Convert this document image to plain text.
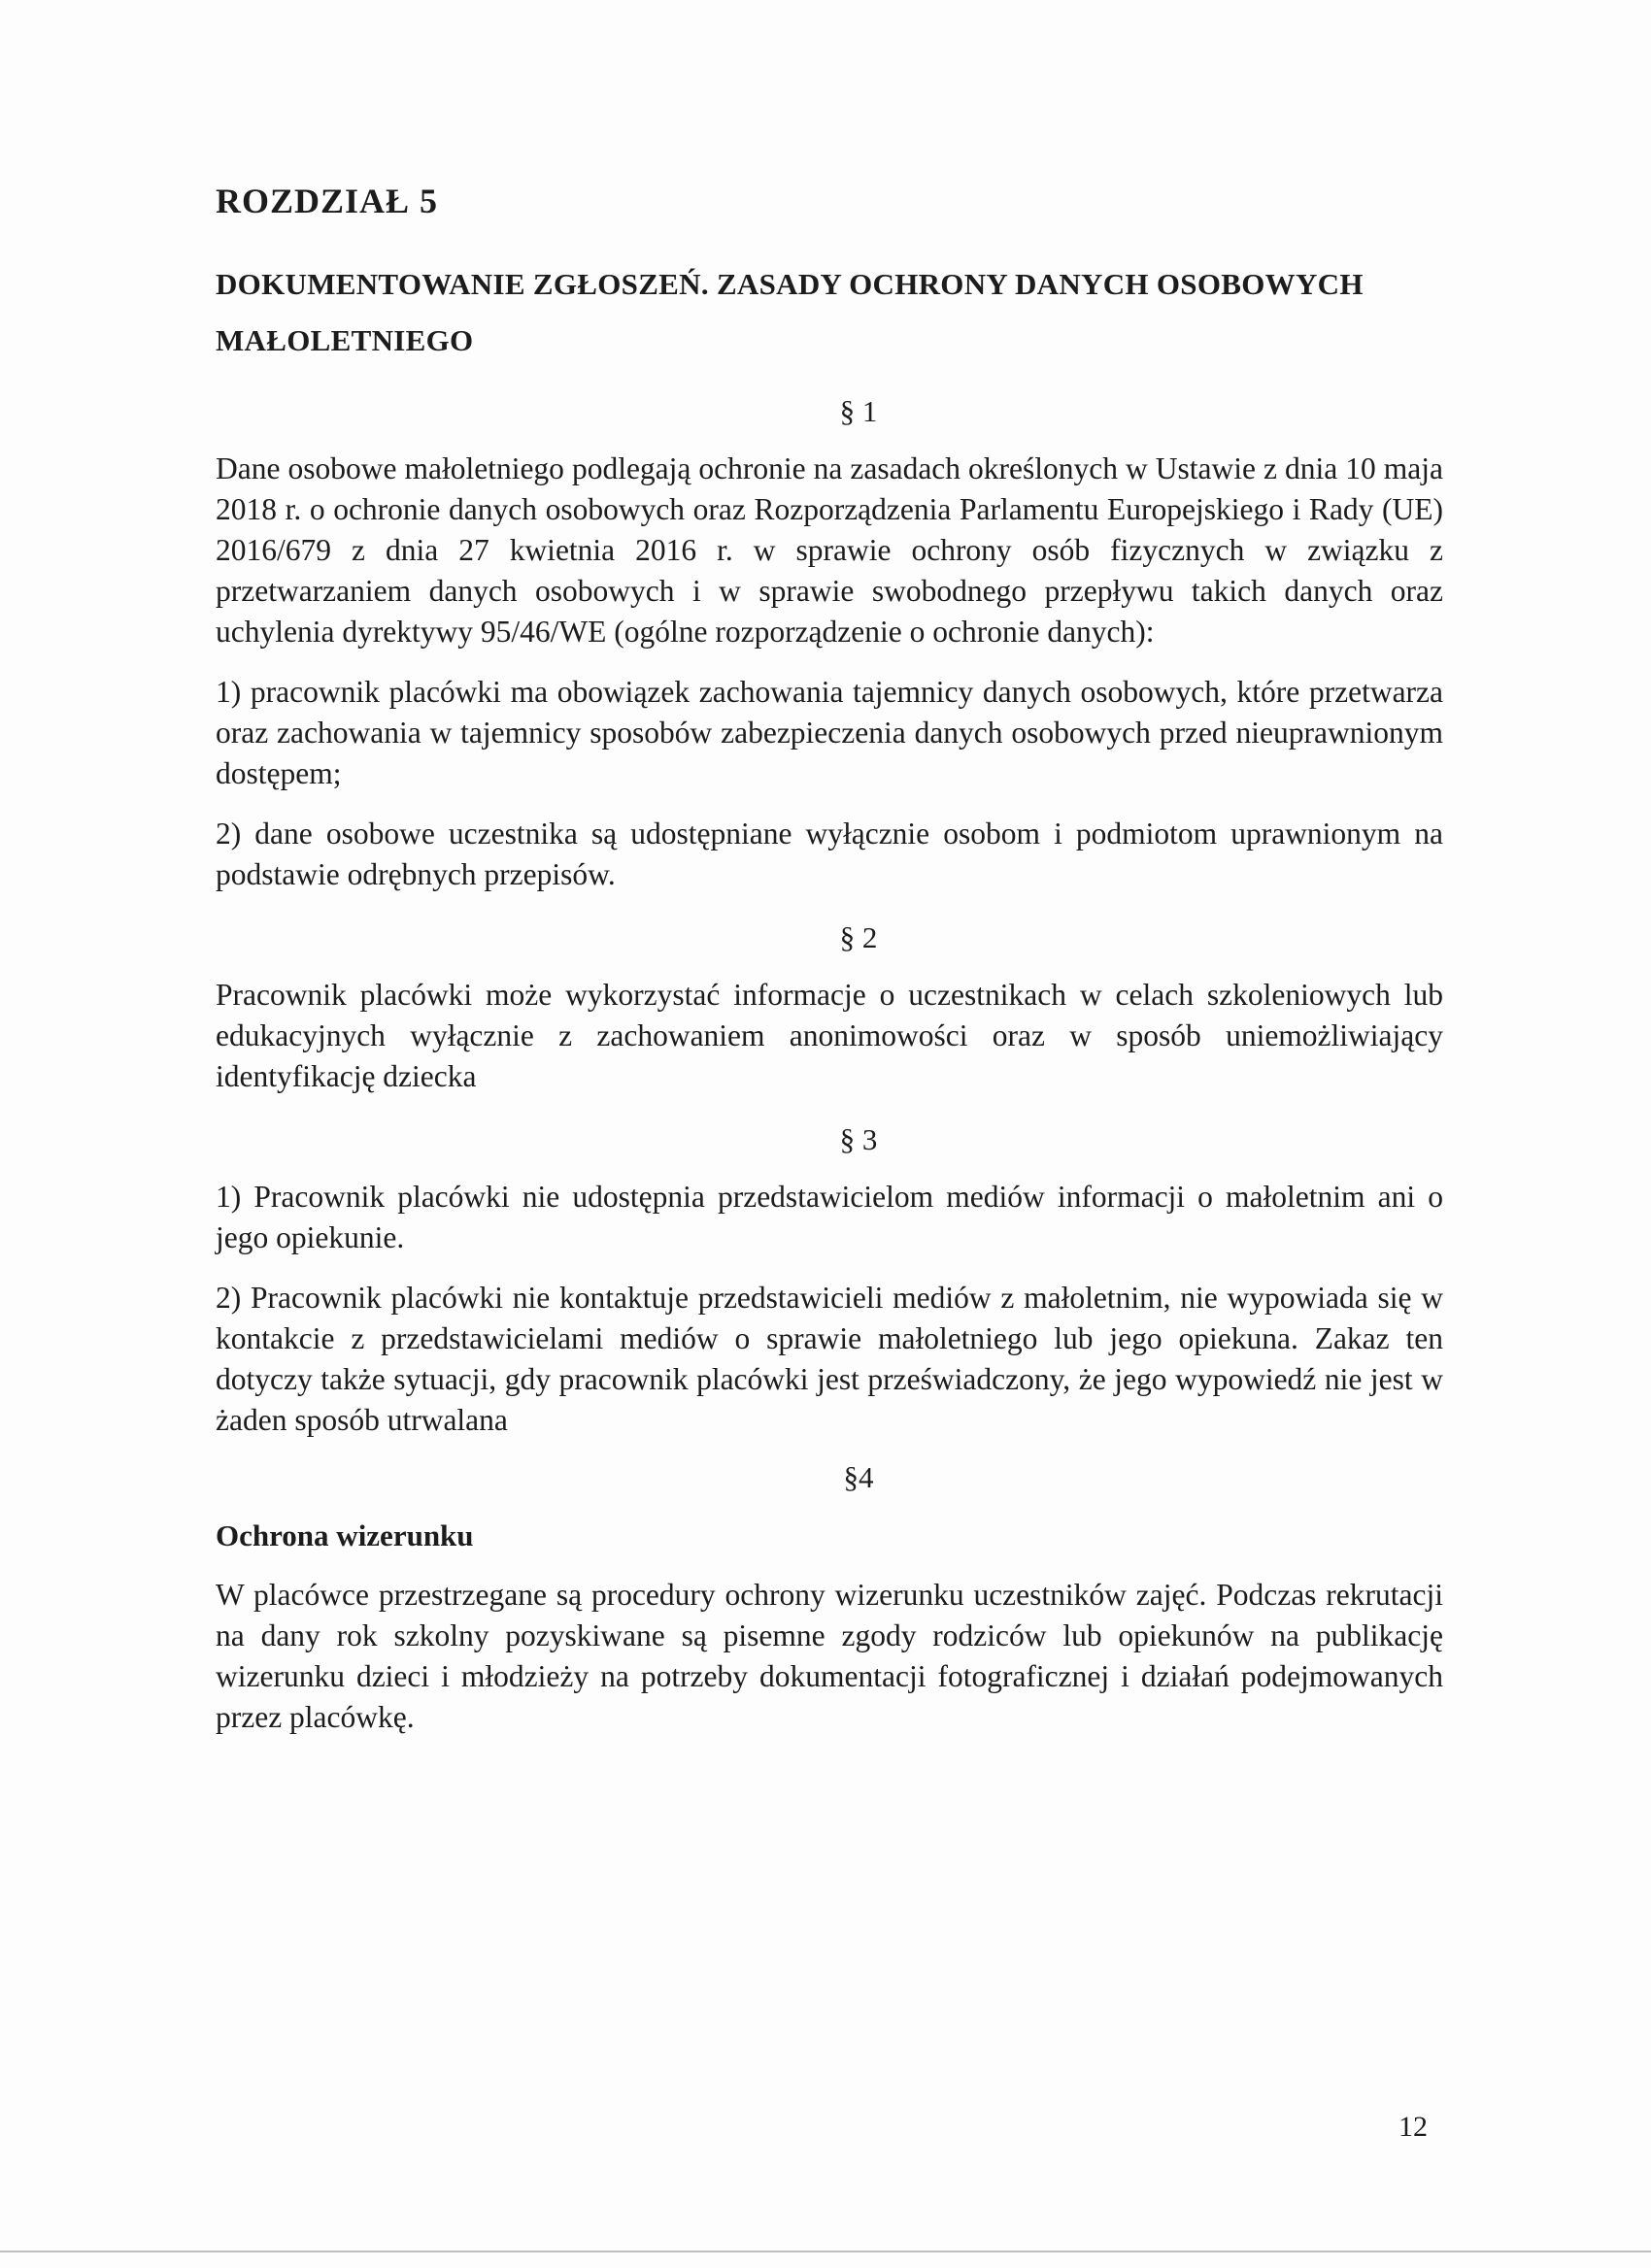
ROZDZIAŁ 5
DOKUMENTOWANIE ZGŁOSZEŃ. ZASADY OCHRONY DANYCH OSOBOWYCH
MAŁOLETNIEGO
§ 1

Dane osobowe małoletniego podlegają ochronie na zasadach określonych w Ustawie z dnia 10 maja 2018 r. o ochronie danych osobowych oraz Rozporządzenia Parlamentu Europejskiego i Rady (UE) 2016/679 z dnia 27 kwietnia 2016 r. w sprawie ochrony osób fizycznych w związku z przetwarzaniem danych osobowych i w sprawie swobodnego przepływu takich danych oraz uchylenia dyrektywy 95/46/WE (ogólne rozporządzenie o ochronie danych):

1) pracownik placówki ma obowiązek zachowania tajemnicy danych osobowych, które przetwarza oraz zachowania w tajemnicy sposobów zabezpieczenia danych osobowych przed nieuprawnionym dostępem;

2) dane osobowe uczestnika są udostępniane wyłącznie osobom i podmiotom uprawnionym na podstawie odrębnych przepisów.

§ 2

Pracownik placówki może wykorzystać informacje o uczestnikach w celach szkoleniowych lub edukacyjnych wyłącznie z zachowaniem anonimowości oraz w sposób uniemożliwiający identyfikację dziecka

§ 3

1) Pracownik placówki nie udostępnia przedstawicielom mediów informacji o małoletnim ani o jego opiekunie.

2) Pracownik placówki nie kontaktuje przedstawicieli mediów z małoletnim, nie wypowiada się w kontakcie z przedstawicielami mediów o sprawie małoletniego lub jego opiekuna. Zakaz ten dotyczy także sytuacji, gdy pracownik placówki jest przeświadczony, że jego wypowiedź nie jest w żaden sposób utrwalana

§4
Ochrona wizerunku

W placówce przestrzegane są procedury ochrony wizerunku uczestników zajęć. Podczas rekrutacji na dany rok szkolny pozyskiwane są pisemne zgody rodziców lub opiekunów na publikację wizerunku dzieci i młodzieży na potrzeby dokumentacji fotograficznej i działań podejmowanych przez placówkę.

12
